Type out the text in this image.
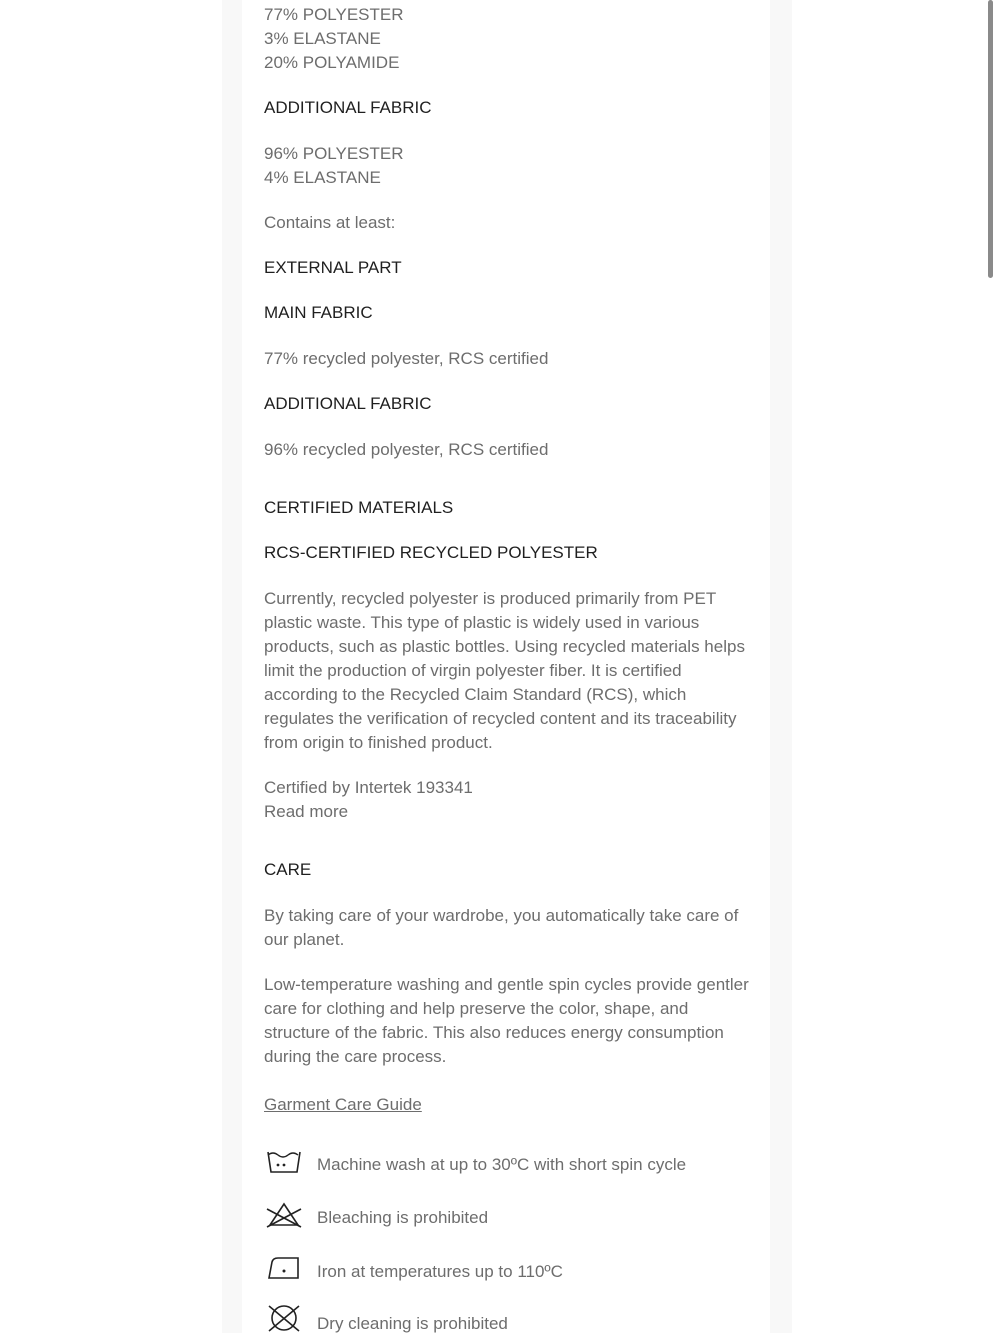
77% POLYESTER

3% ELASTANE

20% POLYAMIDE

ADDITIONAL FABRIC

96% POLYESTER

4% ELASTANE

Contains at least:

EXTERNAL PART

MAIN FABRIC

77% recycled polyester, RCS certified

ADDITIONAL FABRIC

96% recycled polyester, RCS certified

CERTIFIED MATERIALS

RCS-CERTIFIED RECYCLED POLYESTER

Currently, recycled polyester is produced primarily from PET plastic waste. This type of plastic is widely used in various products, such as plastic bottles. Using recycled materials helps limit the production of virgin polyester fiber. It is certified according to the Recycled Claim Standard (RCS), which regulates the verification of recycled content and its traceability from origin to finished product.

Certified by Intertek 193341

Read more

CARE

By taking care of your wardrobe, you automatically take care of our planet.

Low-temperature washing and gentle spin cycles provide gentler care for clothing and help preserve the color, shape, and structure of the fabric. This also reduces energy consumption during the care process.

Garment Care Guide

Machine wash at up to 30ºC with short spin cycle

Bleaching is prohibited

Iron at temperatures up to 110ºC

Dry cleaning is prohibited
